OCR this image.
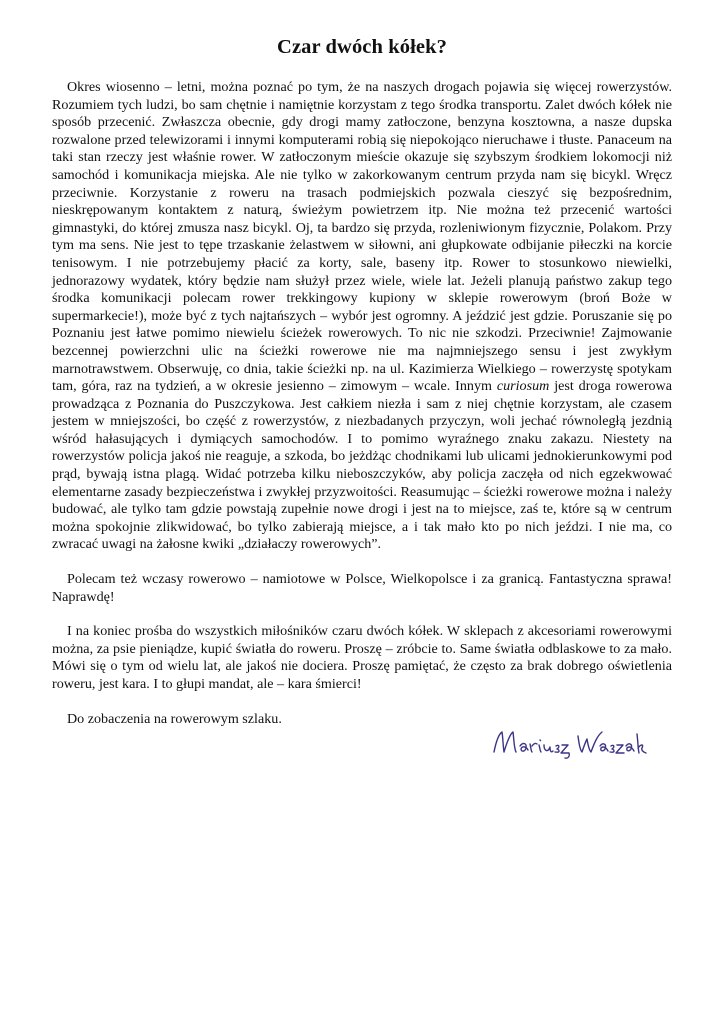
Czar dwóch kółek?

Okres wiosenno – letni, można poznać po tym, że na naszych drogach pojawia się więcej rowerzystów. Rozumiem tych ludzi, bo sam chętnie i namiętnie korzystam z tego środka transportu. Zalet dwóch kółek nie sposób przecenić. Zwłaszcza obecnie, gdy drogi mamy zatłoczone, benzyna kosztowna, a nasze dupska rozwalone przed telewizorami i innymi komputerami robią się niepokojąco nieruchawe i tłuste. Panaceum na taki stan rzeczy jest właśnie rower. W zatłoczonym mieście okazuje się szybszym środkiem lokomocji niż samochód i komunikacja miejska. Ale nie tylko w zakorkowanym centrum przyda nam się bicykl. Wręcz przeciwnie. Korzystanie z roweru na trasach podmiejskich pozwala cieszyć się bezpośrednim, nieskrępowanym kontaktem z naturą, świeżym powietrzem itp. Nie można też przecenić wartości gimnastyki, do której zmusza nasz bicykl. Oj, ta bardzo się przyda, rozleniwionym fizycznie, Polakom. Przy tym ma sens. Nie jest to tępe trzaskanie żelastwem w siłowni, ani głupkowate odbijanie piłeczki na korcie tenisowym. I nie potrzebujemy płacić za korty, sale, baseny itp. Rower to stosunkowo niewielki, jednorazowy wydatek, który będzie nam służył przez wiele, wiele lat. Jeżeli planują państwo zakup tego środka komunikacji polecam rower trekkingowy kupiony w sklepie rowerowym (broń Boże w supermarkecie!), może być z tych najtańszych – wybór jest ogromny. A jeździć jest gdzie. Poruszanie się po Poznaniu jest łatwe pomimo niewielu ścieżek rowerowych. To nic nie szkodzi. Przeciwnie! Zajmowanie bezcennej powierzchni ulic na ścieżki rowerowe nie ma najmniejszego sensu i jest zwykłym marnotrawstwem. Obserwuję, co dnia, takie ścieżki np. na ul. Kazimierza Wielkiego – rowerzystę spotykam tam, góra, raz na tydzień, a w okresie jesienno – zimowym – wcale. Innym curiosum jest droga rowerowa prowadząca z Poznania do Puszczykowa. Jest całkiem niezła i sam z niej chętnie korzystam, ale czasem jestem w mniejszości, bo część z rowerzystów, z niezbadanych przyczyn, woli jechać równoległą jezdnią wśród hałasujących i dymiących samochodów. I to pomimo wyraźnego znaku zakazu. Niestety na rowerzystów policja jakoś nie reaguje, a szkoda, bo jeżdżąc chodnikami lub ulicami jednokierunkowymi pod prąd, bywają istna plagą. Widać potrzeba kilku nieboszczyków, aby policja zaczęła od nich egzekwować elementarne zasady bezpieczeństwa i zwykłej przyzwoitości. Reasumując – ścieżki rowerowe można i należy budować, ale tylko tam gdzie powstają zupełnie nowe drogi i jest na to miejsce, zaś te, które są w centrum można spokojnie zlikwidować, bo tylko zabierają miejsce, a i tak mało kto po nich jeździ. I nie ma, co zwracać uwagi na żałosne kwiki „działaczy rowerowych”.

Polecam też wczasy rowerowo – namiotowe w Polsce, Wielkopolsce i za granicą. Fantastyczna sprawa! Naprawdę!

I na koniec prośba do wszystkich miłośników czaru dwóch kółek. W sklepach z akcesoriami rowerowymi można, za psie pieniądze, kupić światła do roweru. Proszę – zróbcie to. Same światła odblaskowe to za mało. Mówi się o tym od wielu lat, ale jakoś nie dociera. Proszę pamiętać, że często za brak dobrego oświetlenia roweru, jest kara. I to głupi mandat, ale – kara śmierci!

Do zobaczenia na rowerowym szlaku.
